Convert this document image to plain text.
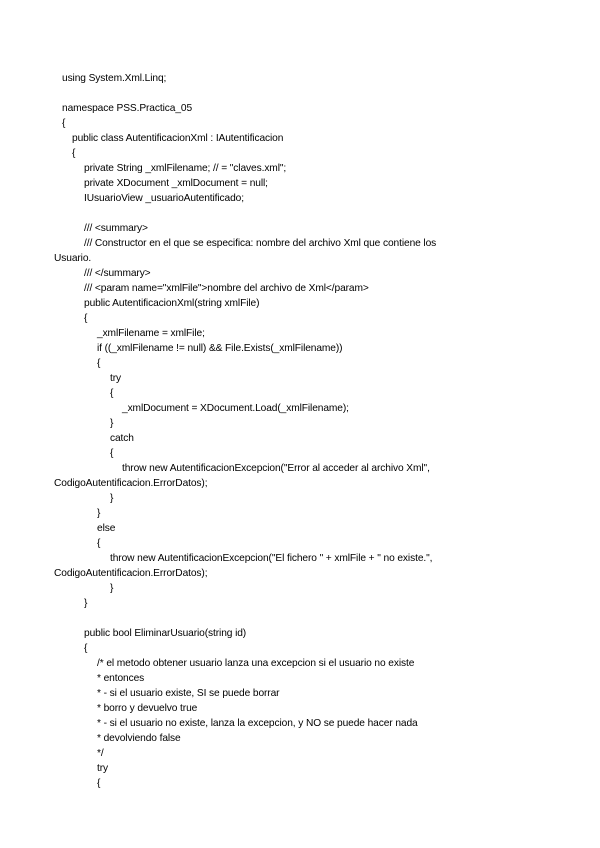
using System.Xml.Linq;
namespace PSS.Practica_05
{
public class AutentificacionXml : IAutentificacion
{
private String _xmlFilename; // = "claves.xml";
private XDocument _xmlDocument = null;
IUsuarioView _usuarioAutentificado;
/// <summary>
/// Constructor en el que se especifica: nombre del archivo Xml que contiene los
Usuario.
/// </summary>
/// <param name="xmlFile">nombre del archivo de Xml</param>
public AutentificacionXml(string xmlFile)
{
_xmlFilename = xmlFile;
if ((_xmlFilename != null) && File.Exists(_xmlFilename))
{
try
{
_xmlDocument = XDocument.Load(_xmlFilename);
}
catch
{
throw new AutentificacionExcepcion("Error al acceder al archivo Xml",
CodigoAutentificacion.ErrorDatos);
}
}
else
{
throw new AutentificacionExcepcion("El fichero " + xmlFile + " no existe.",
CodigoAutentificacion.ErrorDatos);
}
}
public bool EliminarUsuario(string id)
{
/* el metodo obtener usuario lanza una excepcion si el usuario no existe
* entonces
* - si el usuario existe, SI se puede borrar
* borro y devuelvo true
* - si el usuario no existe, lanza la excepcion, y NO se puede hacer nada
* devolviendo false
*/
try
{
